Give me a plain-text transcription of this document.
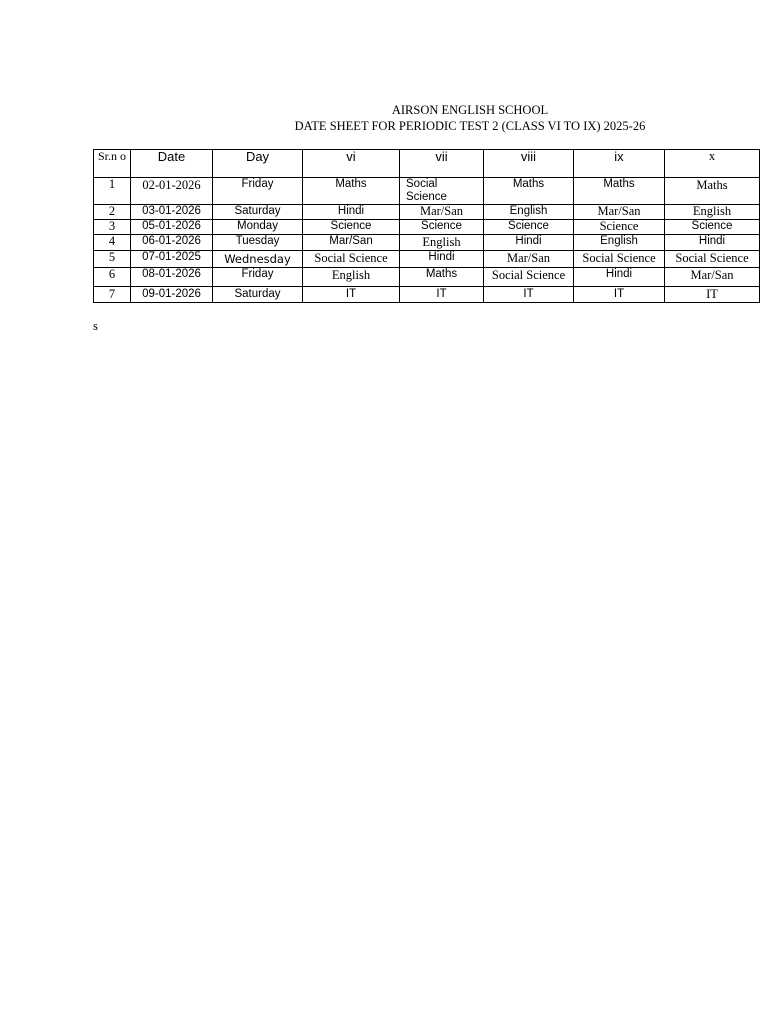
AIRSON ENGLISH SCHOOL
DATE SHEET FOR PERIODIC TEST 2 (CLASS VI TO IX) 2025-26
Sr.n o	Date	Day	vi	vii	viii	ix	x
1	02-01-2026	Friday	Maths	Social Science	Maths	Maths	Maths
2	03-01-2026	Saturday	Hindi	Mar/San	English	Mar/San	English
3	05-01-2026	Monday	Science	Science	Science	Science	Science
4	06-01-2026	Tuesday	Mar/San	English	Hindi	English	Hindi
5	07-01-2025	Wednesday	Social Science	Hindi	Mar/San	Social Science	Social Science
6	08-01-2026	Friday	English	Maths	Social Science	Hindi	Mar/San
7	09-01-2026	Saturday	IT	IT	IT	IT	IT
s
